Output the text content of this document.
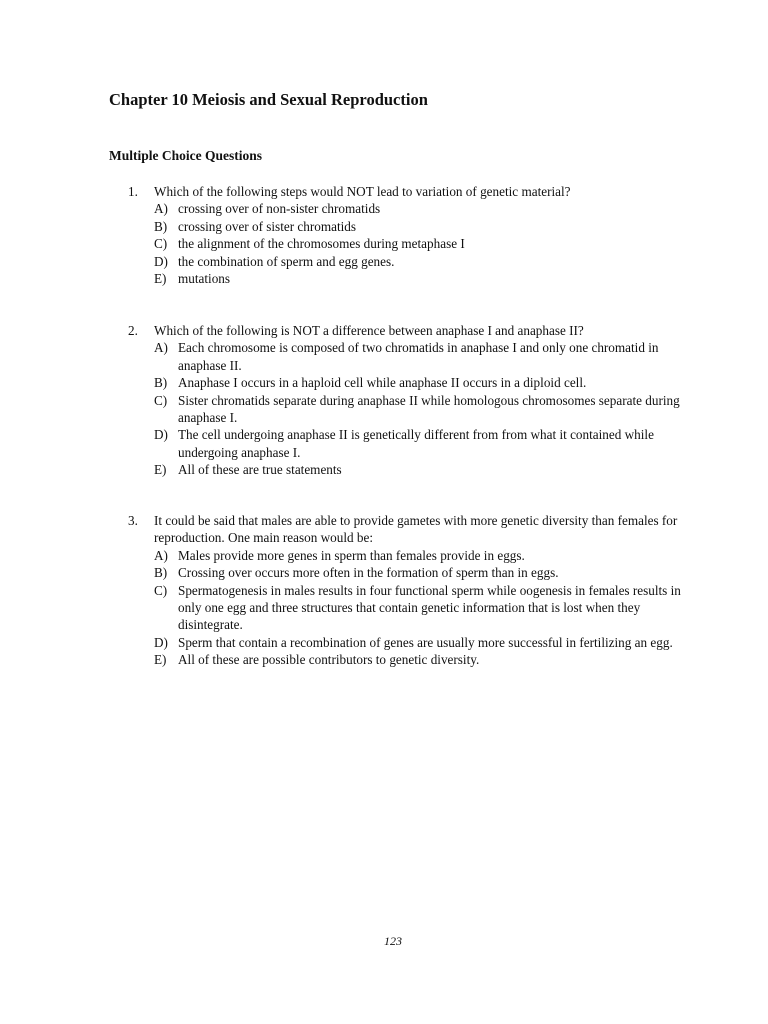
Chapter 10 Meiosis and Sexual Reproduction
Multiple Choice Questions
1. Which of the following steps would NOT lead to variation of genetic material?
A) crossing over of non-sister chromatids
B) crossing over of sister chromatids
C) the alignment of the chromosomes during metaphase I
D) the combination of sperm and egg genes.
E) mutations
2. Which of the following is NOT a difference between anaphase I and anaphase II?
A) Each chromosome is composed of two chromatids in anaphase I and only one chromatid in anaphase II.
B) Anaphase I occurs in a haploid cell while anaphase II occurs in a diploid cell.
C) Sister chromatids separate during anaphase II while homologous chromosomes separate during anaphase I.
D) The cell undergoing anaphase II is genetically different from from what it contained while undergoing anaphase I.
E) All of these are true statements
3. It could be said that males are able to provide gametes with more genetic diversity than females for reproduction. One main reason would be:
A) Males provide more genes in sperm than females provide in eggs.
B) Crossing over occurs more often in the formation of sperm than in eggs.
C) Spermatogenesis in males results in four functional sperm while oogenesis in females results in only one egg and three structures that contain genetic information that is lost when they disintegrate.
D) Sperm that contain a recombination of genes are usually more successful in fertilizing an egg.
E) All of these are possible contributors to genetic diversity.
123
